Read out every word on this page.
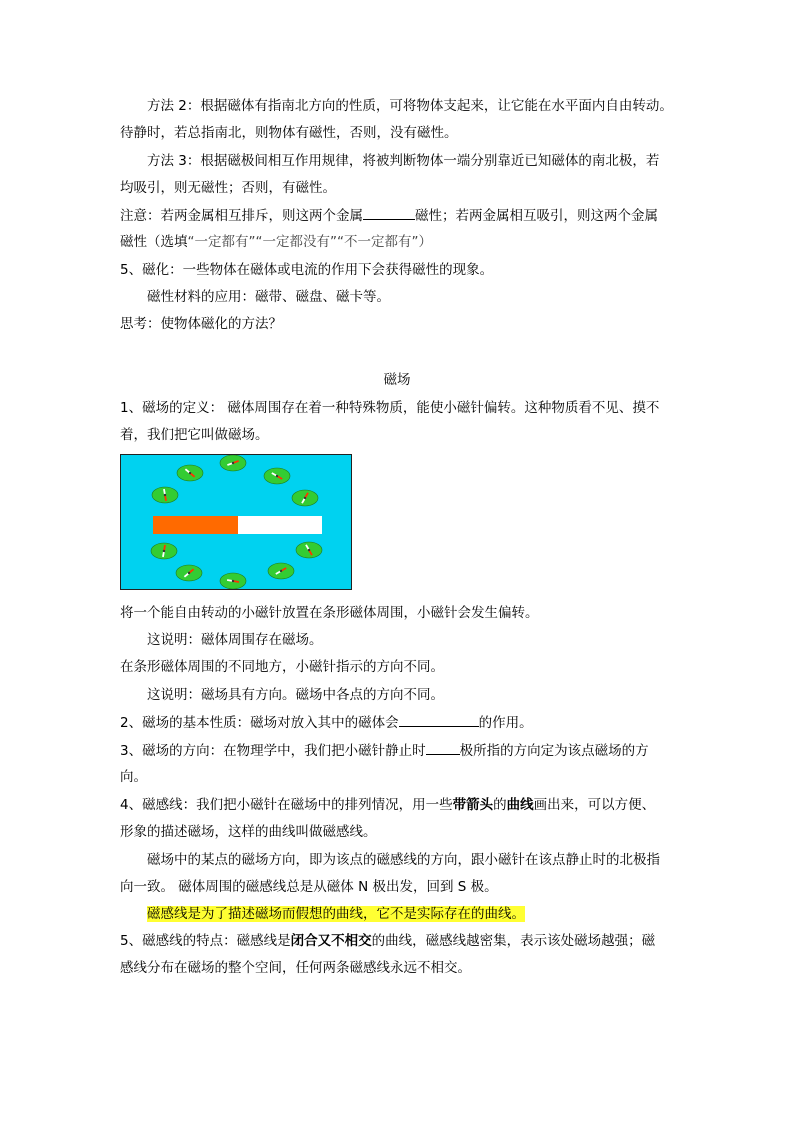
方法 2：根据磁体有指南北方向的性质，可将物体支起来，让它能在水平面内自由转动。
待静时，若总指南北，则物体有磁性，否则，没有磁性。
方法 3：根据磁极间相互作用规律，将被判断物体一端分别靠近已知磁体的南北极，若
均吸引，则无磁性；否则，有磁性。
注意：若两金属相互排斥，则这两个金属	磁性；若两金属相互吸引，则这两个金属
磁性（选填“一定都有”“一定都没有”“不一定都有”）
5、磁化：一些物体在磁体或电流的作用下会获得磁性的现象。
磁性材料的应用：磁带、磁盘、磁卡等。
思考：使物体磁化的方法？
磁场
1、磁场的定义： 磁体周围存在着一种特殊物质，能使小磁针偏转。这种物质看不见、摸不
着，我们把它叫做磁场。
将一个能自由转动的小磁针放置在条形磁体周围，小磁针会发生偏转。
这说明：磁体周围存在磁场。
在条形磁体周围的不同地方，小磁针指示的方向不同。
这说明：磁场具有方向。磁场中各点的方向不同。
2、磁场的基本性质：磁场对放入其中的磁体会	的作用。
3、磁场的方向：在物理学中，我们把小磁针静止时	极所指的方向定为该点磁场的方
向。
4、磁感线：我们把小磁针在磁场中的排列情况，用一些带箭头的曲线画出来，可以方便、
形象的描述磁场，这样的曲线叫做磁感线。
磁场中的某点的磁场方向，即为该点的磁感线的方向，跟小磁针在该点静止时的北极指
向一致。 磁体周围的磁感线总是从磁体 N 极出发，回到 S 极。
磁感线是为了描述磁场而假想的曲线，它不是实际存在的曲线。
5、磁感线的特点：磁感线是闭合又不相交的曲线，磁感线越密集，表示该处磁场越强；磁
感线分布在磁场的整个空间，任何两条磁感线永远不相交。
